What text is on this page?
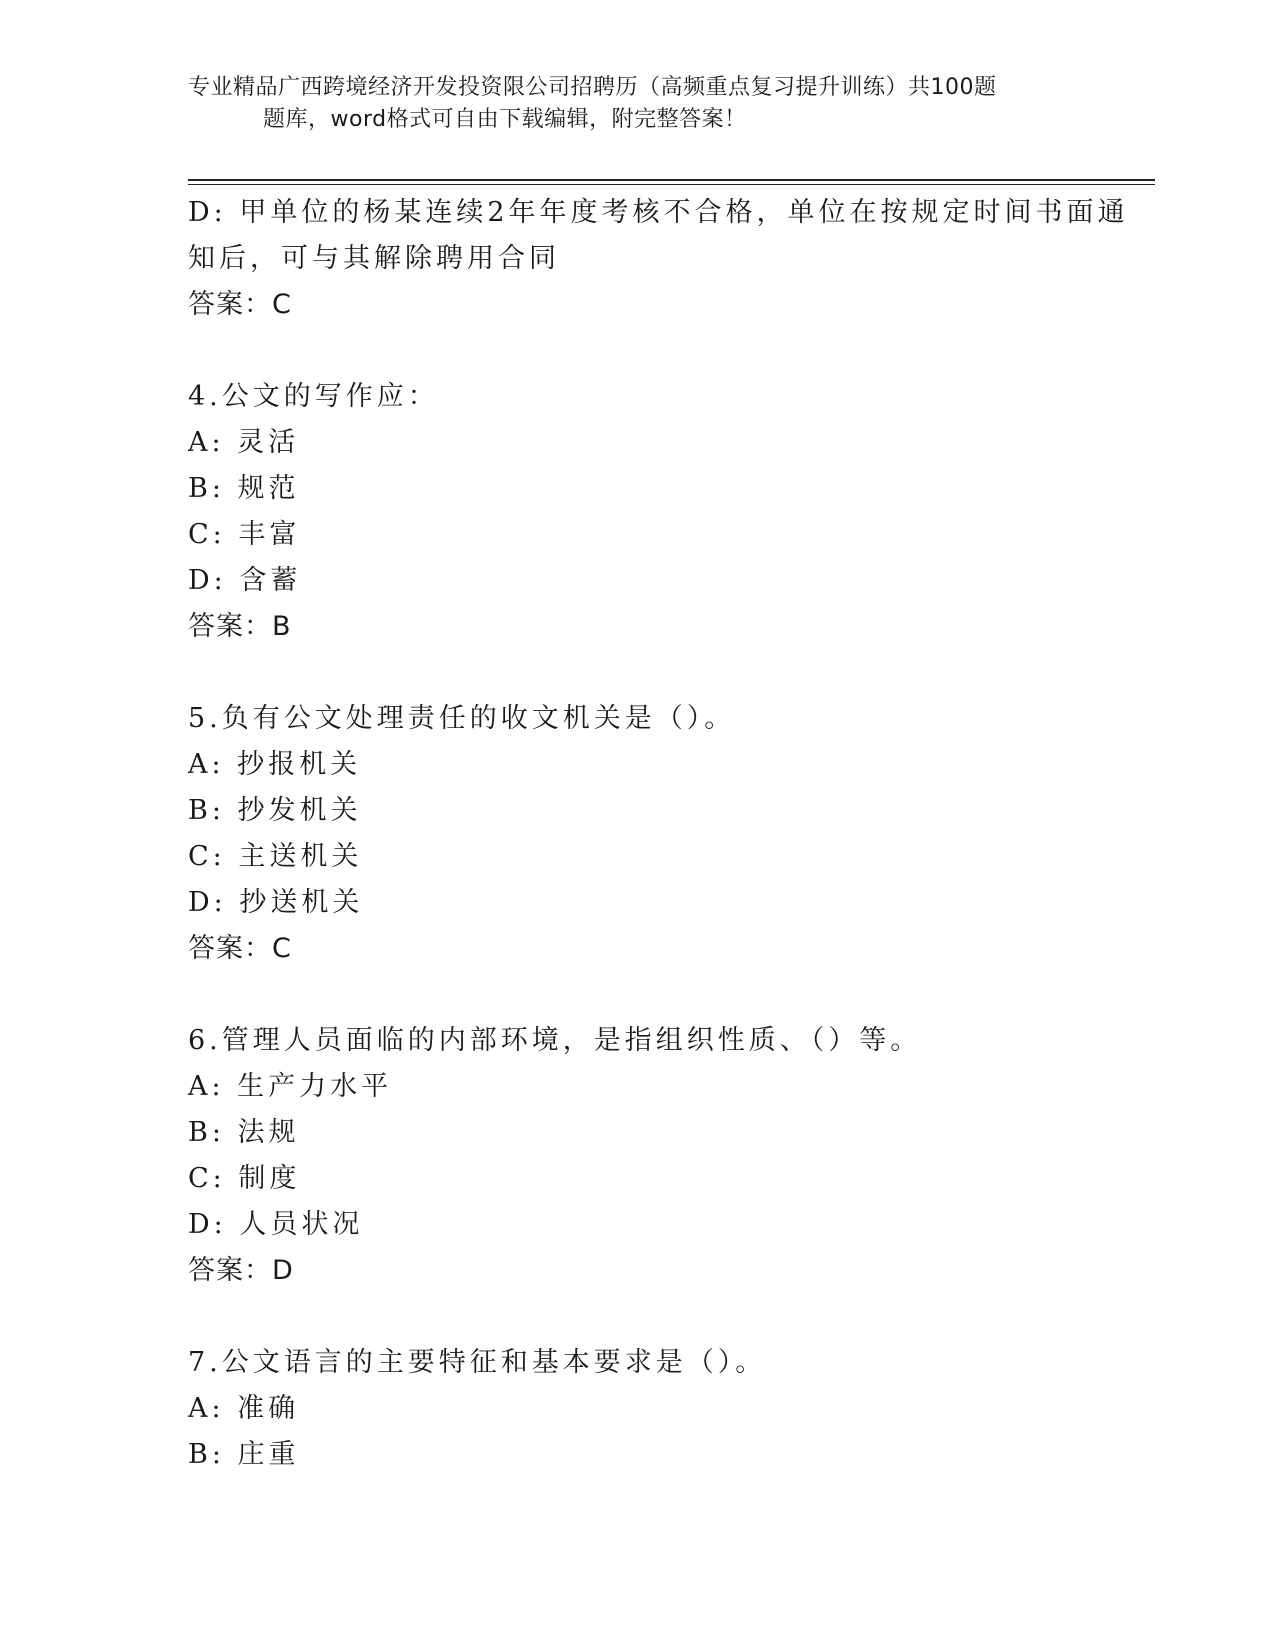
专业精品广西跨境经济开发投资限公司招聘历（高频重点复习提升训练）共100题
题库，word格式可自由下载编辑，附完整答案！
D: 甲单位的杨某连续2年年度考核不合格，单位在按规定时间书面通
知后，可与其解除聘用合同
答案：C
4.公文的写作应：
A: 灵活
B: 规范
C: 丰富
D: 含蓄
答案：B
5.负有公文处理责任的收文机关是（）。
A: 抄报机关
B: 抄发机关
C: 主送机关
D: 抄送机关
答案：C
6.管理人员面临的内部环境，是指组织性质、（）等。
A: 生产力水平
B: 法规
C: 制度
D: 人员状况
答案：D
7.公文语言的主要特征和基本要求是（）。
A: 准确
B: 庄重
